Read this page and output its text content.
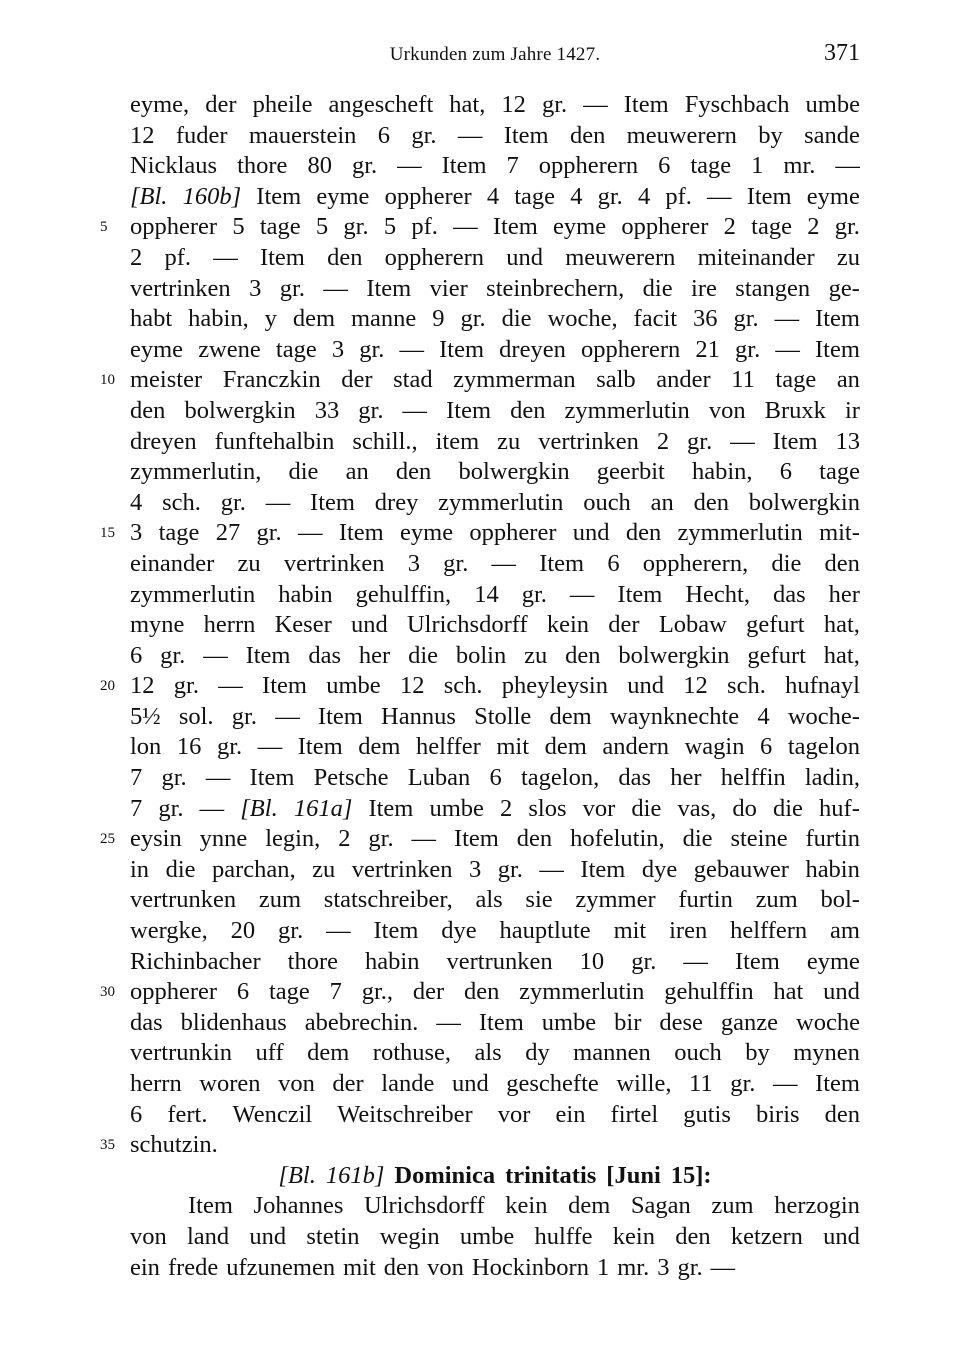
Urkunden zum Jahre 1427.	371
5
10
15
20
25
30
35
eyme, der pheile angescheft hat, 12 gr. — Item Fyschbach umbe
12 fuder mauerstein 6 gr. — Item den meuwerern by sande
Nicklaus thore 80 gr. — Item 7 oppherern 6 tage 1 mr. —
[Bl. 160b] Item eyme oppherer 4 tage 4 gr. 4 pf. — Item eyme
oppherer 5 tage 5 gr. 5 pf. — Item eyme oppherer 2 tage 2 gr.
2 pf. — Item den oppherern und meuwerern miteinander zu
vertrinken 3 gr. — Item vier steinbrechern, die ire stangen ge-
habt habin, y dem manne 9 gr. die woche, facit 36 gr. — Item
eyme zwene tage 3 gr. — Item dreyen oppherern 21 gr. — Item
meister Franczkin der stad zymmerman salb ander 11 tage an
den bolwergkin 33 gr. — Item den zymmerlutin von Bruxk ir
dreyen funftehalbin schill., item zu vertrinken 2 gr. — Item 13
zymmerlutin, die an den bolwergkin geerbit habin, 6 tage
4 sch. gr. — Item drey zymmerlutin ouch an den bolwergkin
3 tage 27 gr. — Item eyme oppherer und den zymmerlutin mit-
einander zu vertrinken 3 gr. — Item 6 oppherern, die den
zymmerlutin habin gehulffin, 14 gr. — Item Hecht, das her
myne herrn Keser und Ulrichsdorff kein der Lobaw gefurt hat,
6 gr. — Item das her die bolin zu den bolwergkin gefurt hat,
12 gr. — Item umbe 12 sch. pheyleysin und 12 sch. hufnayl
5½ sol. gr. — Item Hannus Stolle dem waynknechte 4 woche-
lon 16 gr. — Item dem helffer mit dem andern wagin 6 tagelon
7 gr. — Item Petsche Luban 6 tagelon, das her helffin ladin,
7 gr. — [Bl. 161a] Item umbe 2 slos vor die vas, do die huf-
eysin ynne legin, 2 gr. — Item den hofelutin, die steine furtin
in die parchan, zu vertrinken 3 gr. — Item dye gebauwer habin
vertrunken zum statschreiber, als sie zymmer furtin zum bol-
wergke, 20 gr. — Item dye hauptlute mit iren helffern am
Richinbacher thore habin vertrunken 10 gr. — Item eyme
oppherer 6 tage 7 gr., der den zymmerlutin gehulffin hat und
das blidenhaus abebrechin. — Item umbe bir dese ganze woche
vertrunkin uff dem rothuse, als dy mannen ouch by mynen
herrn woren von der lande und geschefte wille, 11 gr. — Item
6 fert. Wenczil Weitschreiber vor ein firtel gutis biris den
schutzin.
[Bl. 161b] Dominica trinitatis [Juni 15]:
Item Johannes Ulrichsdorff kein dem Sagan zum herzogin
von land und stetin wegin umbe hulffe kein den ketzern und
ein frede ufzunemen mit den von Hockinborn 1 mr. 3 gr. —
